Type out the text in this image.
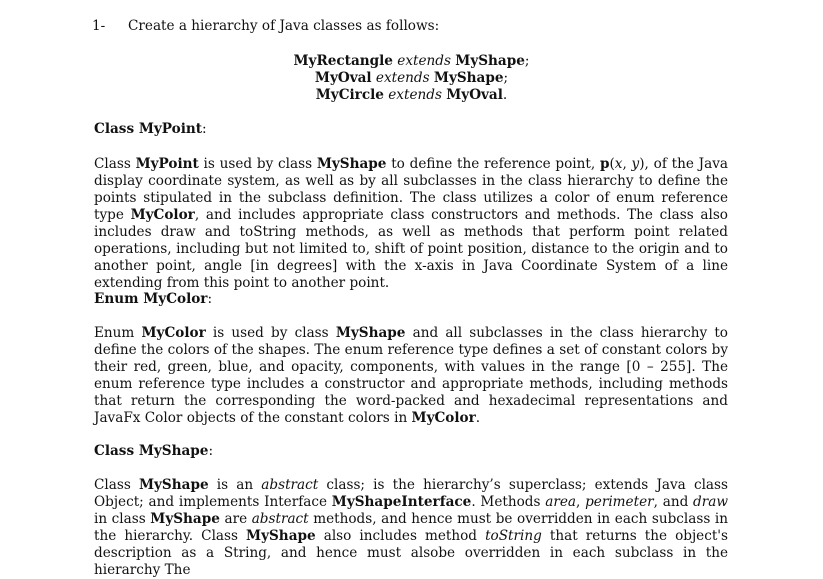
1- Create a hierarchy of Java classes as follows:
MyRectangle extends MyShape;
MyOval extends MyShape;
MyCircle extends MyOval.
Class MyPoint:
Class MyPoint is used by class MyShape to define the reference point, p(x, y), of the Java display coordinate system, as well as by all subclasses in the class hierarchy to define the points stipulated in the subclass definition. The class utilizes a color of enum reference type MyColor, and includes appropriate class constructors and methods. The class also includes draw and toString methods, as well as methods that perform point related operations, including but not limited to, shift of point position, distance to the origin and to another point, angle [in degrees] with the x-axis in Java Coordinate System of a line extending from this point to another point.
Enum MyColor:
Enum MyColor is used by class MyShape and all subclasses in the class hierarchy to define the colors of the shapes. The enum reference type defines a set of constant colors by their red, green, blue, and opacity, components, with values in the range [0 – 255]. The enum reference type includes a constructor and appropriate methods, including methods that return the corresponding the word-packed and hexadecimal representations and JavaFx Color objects of the constant colors in MyColor.
Class MyShape:
Class MyShape is an abstract class; is the hierarchy’s superclass; extends Java class Object; and implements Interface MyShapeInterface. Methods area, perimeter, and draw in class MyShape are abstract methods, and hence must be overridden in each subclass in the hierarchy. Class MyShape also includes method toString that returns the object's description as a String, and hence must alsobe overridden in each subclass in the hierarchy The
